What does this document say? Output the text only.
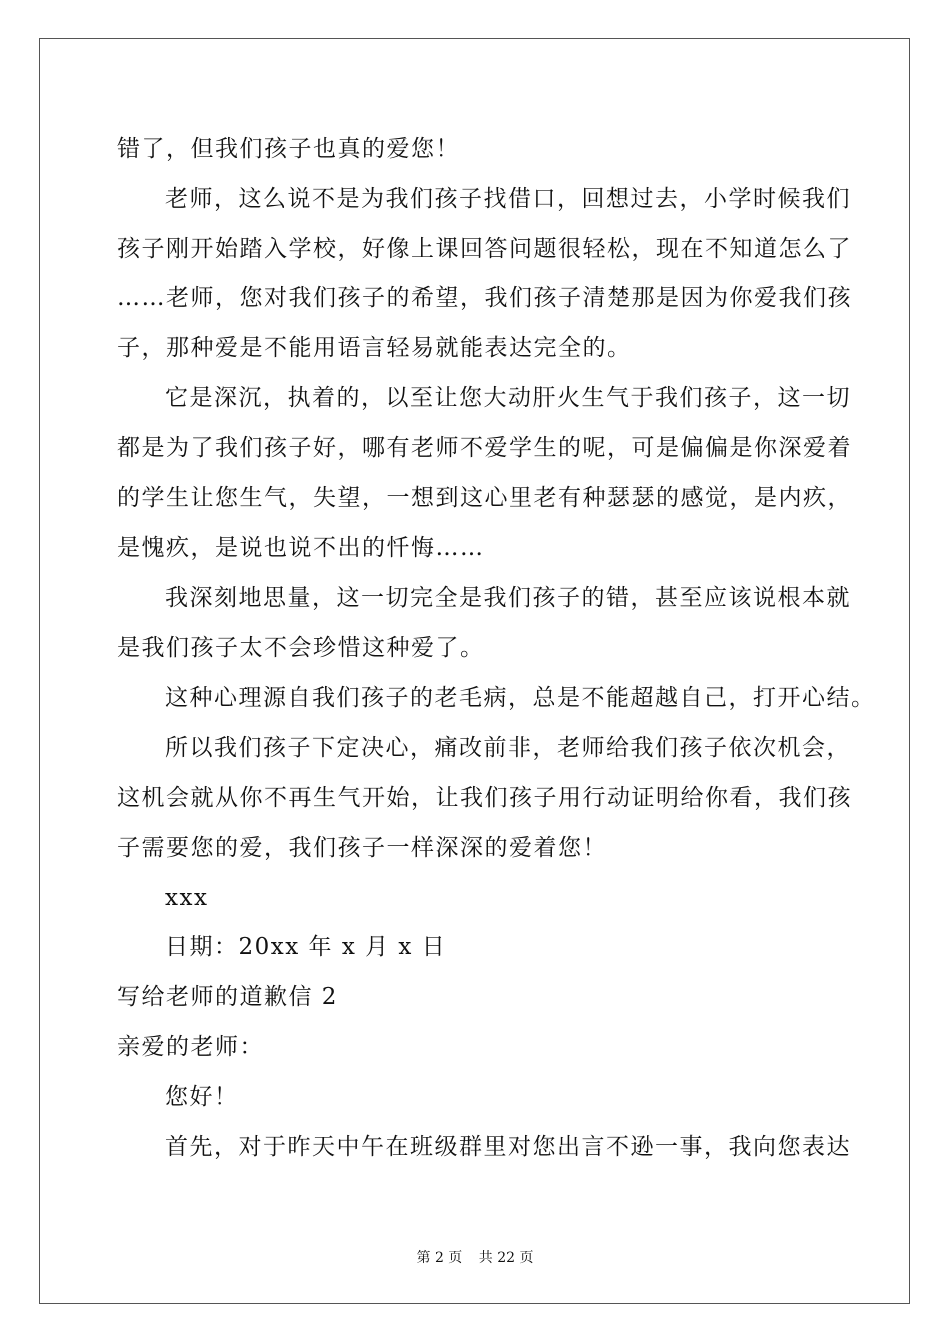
错了，但我们孩子也真的爱您！
老师，这么说不是为我们孩子找借口，回想过去，小学时候我们
孩子刚开始踏入学校，好像上课回答问题很轻松，现在不知道怎么了
……老师，您对我们孩子的希望，我们孩子清楚那是因为你爱我们孩
子，那种爱是不能用语言轻易就能表达完全的。
它是深沉，执着的，以至让您大动肝火生气于我们孩子，这一切
都是为了我们孩子好，哪有老师不爱学生的呢，可是偏偏是你深爱着
的学生让您生气，失望，一想到这心里老有种瑟瑟的感觉，是内疚，
是愧疚，是说也说不出的忏悔……
我深刻地思量，这一切完全是我们孩子的错，甚至应该说根本就
是我们孩子太不会珍惜这种爱了。
这种心理源自我们孩子的老毛病，总是不能超越自己，打开心结。
所以我们孩子下定决心，痛改前非，老师给我们孩子依次机会，
这机会就从你不再生气开始，让我们孩子用行动证明给你看，我们孩
子需要您的爱，我们孩子一样深深的爱着您！
xxx
日期：20xx 年 x 月 x 日
写给老师的道歉信 2
亲爱的老师：
您好！
首先，对于昨天中午在班级群里对您出言不逊一事，我向您表达
第 2 页 共 22 页
